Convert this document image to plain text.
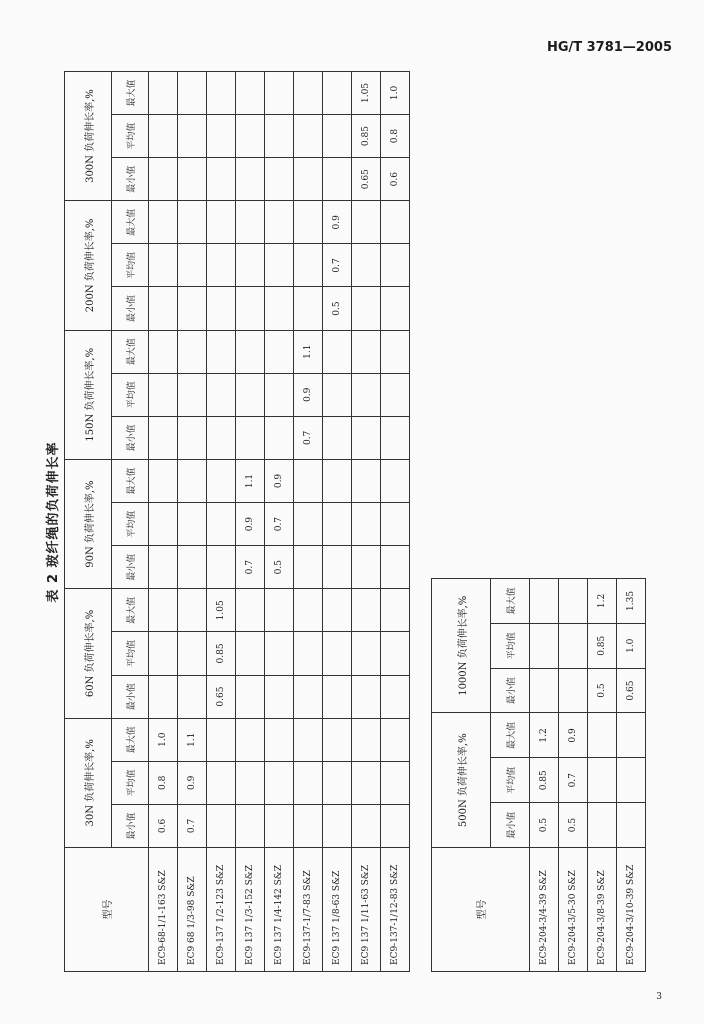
HG/T 3781—2005
表 2 玻纤绳的负荷伸长率
型号	30N 负荷伸长率,%			60N 负荷伸长率,%			90N 负荷伸长率,%			150N 负荷伸长率,%			200N 负荷伸长率,%			300N 负荷伸长率,%		
	最小值	平均值	最大值	最小值	平均值	最大值	最小值	平均值	最大值	最小值	平均值	最大值	最小值	平均值	最大值	最小值	平均值	最大值
EC9-68-1/1-163 S&Z	0.6	0.8	1.0															
EC9 68 1/3-98 S&Z	0.7	0.9	1.1															
EC9-137 1/2-123 S&Z				0.65	0.85	1.05												
EC9 137 1/3-152 S&Z							0.7	0.9	1.1									
EC9 137 1/4-142 S&Z							0.5	0.7	0.9									
EC9-137-1/7-83 S&Z										0.7	0.9	1.1						
EC9 137 1/8-63 S&Z													0.5	0.7	0.9			
EC9 137 1/11-63 S&Z																0.65	0.85	1.05
EC9-137-1/12-83 S&Z																0.6	0.8	1.0
型号	500N 负荷伸长率,%			1000N 负荷伸长率,%		
	最小值	平均值	最大值	最小值	平均值	最大值
EC9-204-3/4-39 S&Z	0.5	0.85	1.2			
EC9-204-3/5-30 S&Z	0.5	0.7	0.9			
EC9-204-3/8-39 S&Z				0.5	0.85	1.2
EC9-204-3/10-39 S&Z				0.65	1.0	1.35
3
